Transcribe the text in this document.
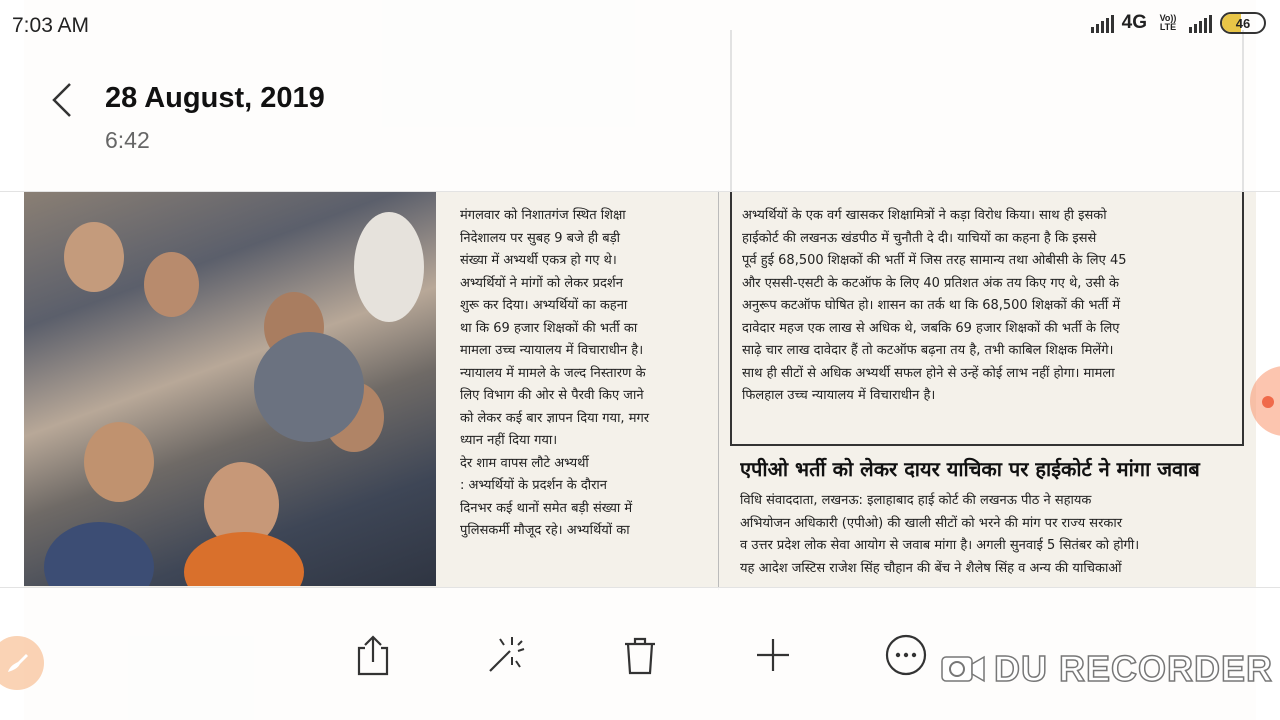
मंगलवार को निशातगंज स्थित शिक्षा

निदेशालय पर सुबह 9 बजे ही बड़ी

संख्या में अभ्यर्थी एकत्र हो गए थे।

अभ्यर्थियों ने मांगों को लेकर प्रदर्शन

शुरू कर दिया। अभ्यर्थियों का कहना

था कि 69 हजार शिक्षकों की भर्ती का

मामला उच्च न्यायालय में विचाराधीन है।

न्यायालय में मामले के जल्द निस्तारण के

लिए विभाग की ओर से पैरवी किए जाने

को लेकर कई बार ज्ञापन दिया गया, मगर

ध्यान नहीं दिया गया।

देर शाम वापस लौटे अभ्यर्थी

: अभ्यर्थियों के प्रदर्शन के दौरान

दिनभर कई थानों समेत बड़ी संख्या में

पुलिसकर्मी मौजूद रहे। अभ्यर्थियों का

अभ्यर्थियों के एक वर्ग खासकर शिक्षामित्रों ने कड़ा विरोध किया। साथ ही इसको

हाईकोर्ट की लखनऊ खंडपीठ में चुनौती दे दी। याचियों का कहना है कि इससे

पूर्व हुई 68,500 शिक्षकों की भर्ती में जिस तरह सामान्य तथा ओबीसी के लिए 45

और एससी-एसटी के कटऑफ के लिए 40 प्रतिशत अंक तय किए गए थे, उसी के

अनुरूप कटऑफ घोषित हो। शासन का तर्क था कि 68,500 शिक्षकों की भर्ती में

दावेदार महज एक लाख से अधिक थे, जबकि 69 हजार शिक्षकों की भर्ती के लिए

साढ़े चार लाख दावेदार हैं तो कटऑफ बढ़ना तय है, तभी काबिल शिक्षक मिलेंगे।

साथ ही सीटों से अधिक अभ्यर्थी सफल होने से उन्हें कोई लाभ नहीं होगा। मामला

फिलहाल उच्च न्यायालय में विचाराधीन है।

एपीओ भर्ती को लेकर दायर याचिका पर हाईकोर्ट ने मांगा जवाब

विधि संवाददाता, लखनऊ: इलाहाबाद हाई कोर्ट की लखनऊ पीठ ने सहायक

अभियोजन अधिकारी (एपीओ) की खाली सीटों को भरने की मांग पर राज्य सरकार

व उत्तर प्रदेश लोक सेवा आयोग से जवाब मांगा है। अगली सुनवाई 5 सितंबर को होगी।

यह आदेश जस्टिस राजेश सिंह चौहान की बेंच ने शैलेष सिंह व अन्य की याचिकाओं

7:03 AM	4G	Vo)) LTE	46
28 August, 2019
6:42
DU RECORDER
